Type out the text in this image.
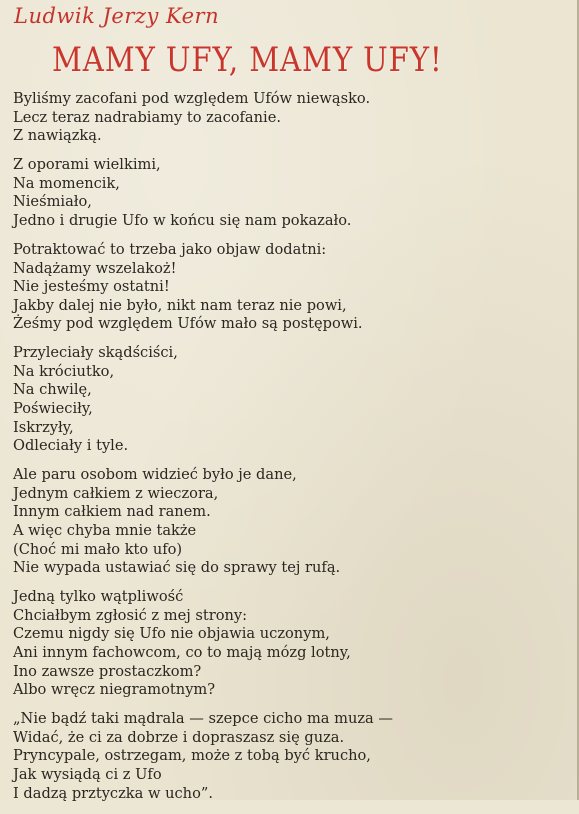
Ludwik Jerzy Kern
MAMY UFY, MAMY UFY!
Byliśmy zacofani pod względem Ufów niewąsko.
Lecz teraz nadrabiamy to zacofanie.
Z nawiązką.
Z oporami wielkimi,
Na momencik,
Nieśmiało,
Jedno i drugie Ufo w końcu się nam pokazało.
Potraktować to trzeba jako objaw dodatni:
Nadążamy wszelakoż!
Nie jesteśmy ostatni!
Jakby dalej nie było, nikt nam teraz nie powi,
Żeśmy pod względem Ufów mało są postępowi.
Przyleciały skądściści,
Na króciutko,
Na chwilę,
Poświeciły,
Iskrzyły,
Odleciały i tyle.
Ale paru osobom widzieć było je dane,
Jednym całkiem z wieczora,
Innym całkiem nad ranem.
A więc chyba mnie także
(Choć mi mało kto ufo)
Nie wypada ustawiać się do sprawy tej rufą.
Jedną tylko wątpliwość
Chciałbym zgłosić z mej strony:
Czemu nigdy się Ufo nie objawia uczonym,
Ani innym fachowcom, co to mają mózg lotny,
Ino zawsze prostaczkom?
Albo wręcz niegramotnym?
„Nie bądź taki mądrala — szepce cicho ma muza —
Widać, że ci za dobrze i dopraszasz się guza.
Pryncypale, ostrzegam, może z tobą być krucho,
Jak wysiądą ci z Ufo
I dadzą prztyczka w ucho”.
